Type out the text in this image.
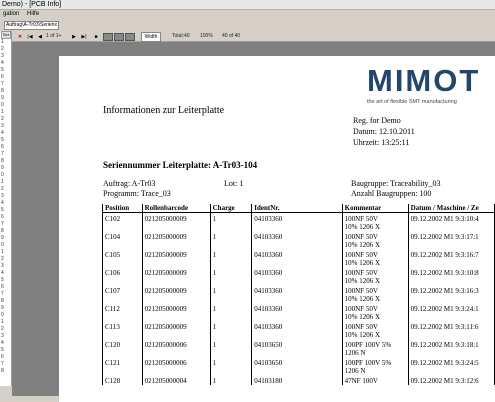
Demo) - [PCB Info]
gation Hilfe
Auftrag\A-Tr03\Serien x
Ser
1
2
3
4
5
6
7
8
9
0
1
2
3
4
5
6
7
8
9
0
1
2
3
4
5
6
7
8
9
0
1
2
3
4
5
6
7
8
9
0
1
2
3
4
5
6
7
8
✕	|◀	◀ 1 of 1+	▶	▶|	■	Width	Total:40 100% 40 of 40
MIMOT
the art of flexible SMT manufacturing
Informationen zur Leiterplatte
Reg. for Demo
Datum: 12.10.2011
Uhrzeit: 13:25:11
Seriennummer Leiterplatte: A-Tr03-104
Auftrag: A-Tr03	Lot: 1	Baugruppe: Traceability_03
Programm: Trace_03	Anzahl Baugruppen: 100
Position	Rollenbarcode	Charge	IdentNr.	Kommentar	Datum / Maschine / Ze
C102	021205000009	1	04103360	100NF 50V	09.12.2002 M1 9:3:10:4
				10% 1206 X	
C104	021205000009	1	04103360	100NF 50V	09.12.2002 M1 9:3:17:1
				10% 1206 X	
C105	021205000009	1	04103360	100NF 50V	09.12.2002 M1 9:3:16:7
				10% 1206 X	
C106	021205000009	1	04103360	100NF 50V	09.12.2002 M1 9:3:10:8
				10% 1206 X	
C107	021205000009	1	04103360	100NF 50V	09.12.2002 M1 9:3:16:3
				10% 1206 X	
C112	021205000009	1	04103360	100NF 50V	09.12.2002 M1 9:3:24:1
				10% 1206 X	
C113	021205000009	1	04103360	100NF 50V	09.12.2002 M1 9:3:11:6
				10% 1206 X	
C120	021205000006	1	04103650	100PF 100V 5%	09.12.2002 M1 9:3:18:1
				1206 N	
C121	021205000006	1	04103650	100PF 100V 5%	09.12.2002 M1 9:3:24:5
				1206 N	
C128	021205000004	1	04103180	47NF 100V	09.12.2002 M1 9:3:12:6
